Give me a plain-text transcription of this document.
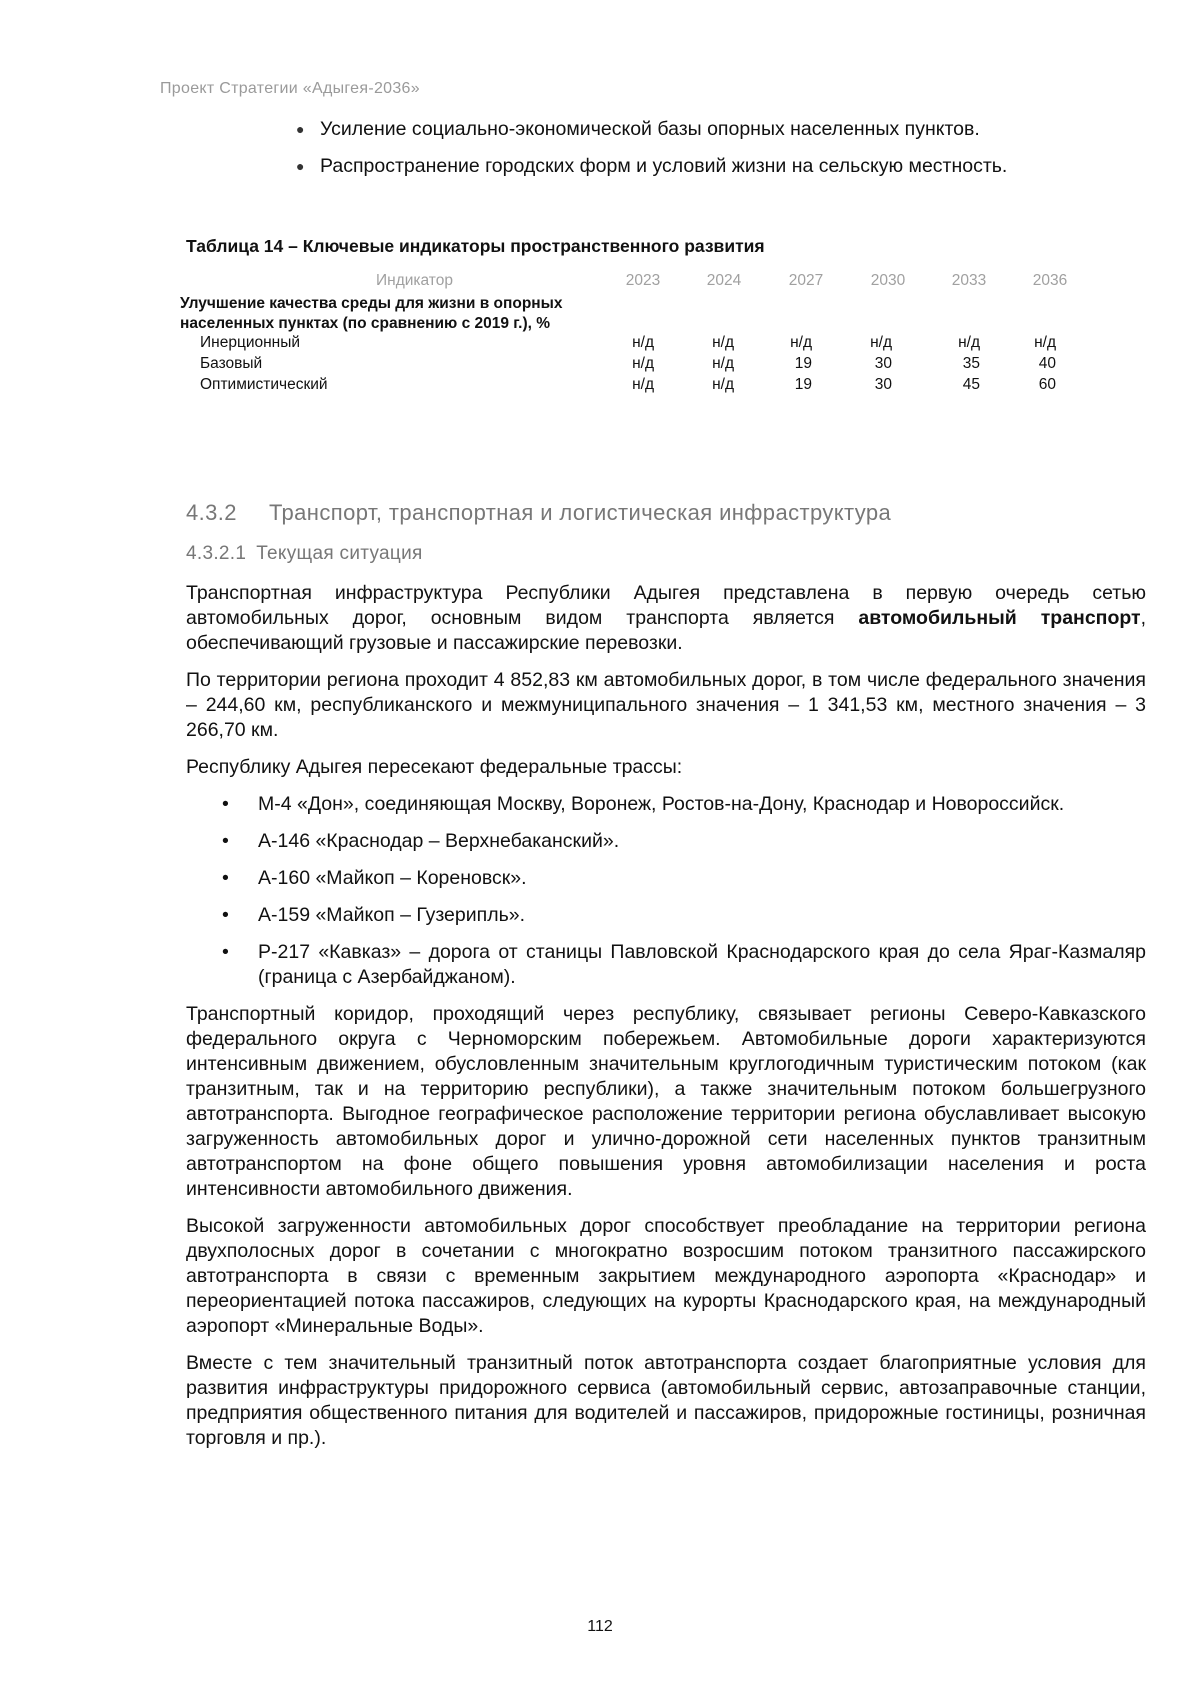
Проект Стратегии «Адыгея-2036»
● Усиление социально-экономической базы опорных населенных пунктов.
● Распространение городских форм и условий жизни на сельскую местность.
Таблица 14 – Ключевые индикаторы пространственного развития
Индикатор	2023	2024	2027	2030	2033	2036
Улучшение качества среды для жизни в опорных населенных пунктах (по сравнению с 2019 г.), %
Инерционный	н/д	н/д	н/д	н/д	н/д	н/д
Базовый	н/д	н/д	19	30	35	40
Оптимистический	н/д	н/д	19	30	45	60
4.3.2 Транспорт, транспортная и логистическая инфраструктура
4.3.2.1 Текущая ситуация

Транспортная инфраструктура Республики Адыгея представлена в первую очередь сетью автомобильных дорог, основным видом транспорта является автомобильный транспорт, обеспечивающий грузовые и пассажирские перевозки.

По территории региона проходит 4 852,83 км автомобильных дорог, в том числе федерального значения – 244,60 км, республиканского и межмуниципального значения – 1 341,53 км, местного значения – 3 266,70 км.

Республику Адыгея пересекают федеральные трассы:

• М-4 «Дон», соединяющая Москву, Воронеж, Ростов-на-Дону, Краснодар и Новороссийск.
• А-146 «Краснодар – Верхнебаканский».
• А-160 «Майкоп – Кореновск».
• А-159 «Майкоп – Гузерипль».
• Р-217 «Кавказ» – дорога от станицы Павловской Краснодарского края до села Яраг-Казмаляр (граница с Азербайджаном).

Транспортный коридор, проходящий через республику, связывает регионы Северо-Кавказского федерального округа с Черноморским побережьем. Автомобильные дороги характеризуются интенсивным движением, обусловленным значительным круглогодичным туристическим потоком (как транзитным, так и на территорию республики), а также значительным потоком большегрузного автотранспорта. Выгодное географическое расположение территории региона обуславливает высокую загруженность автомобильных дорог и улично-дорожной сети населенных пунктов транзитным автотранспортом на фоне общего повышения уровня автомобилизации населения и роста интенсивности автомобильного движения.

Высокой загруженности автомобильных дорог способствует преобладание на территории региона двухполосных дорог в сочетании с многократно возросшим потоком транзитного пассажирского автотранспорта в связи с временным закрытием международного аэропорта «Краснодар» и переориентацией потока пассажиров, следующих на курорты Краснодарского края, на международный аэропорт «Минеральные Воды».

Вместе с тем значительный транзитный поток автотранспорта создает благоприятные условия для развития инфраструктуры придорожного сервиса (автомобильный сервис, автозаправочные станции, предприятия общественного питания для водителей и пассажиров, придорожные гостиницы, розничная торговля и пр.).

112
